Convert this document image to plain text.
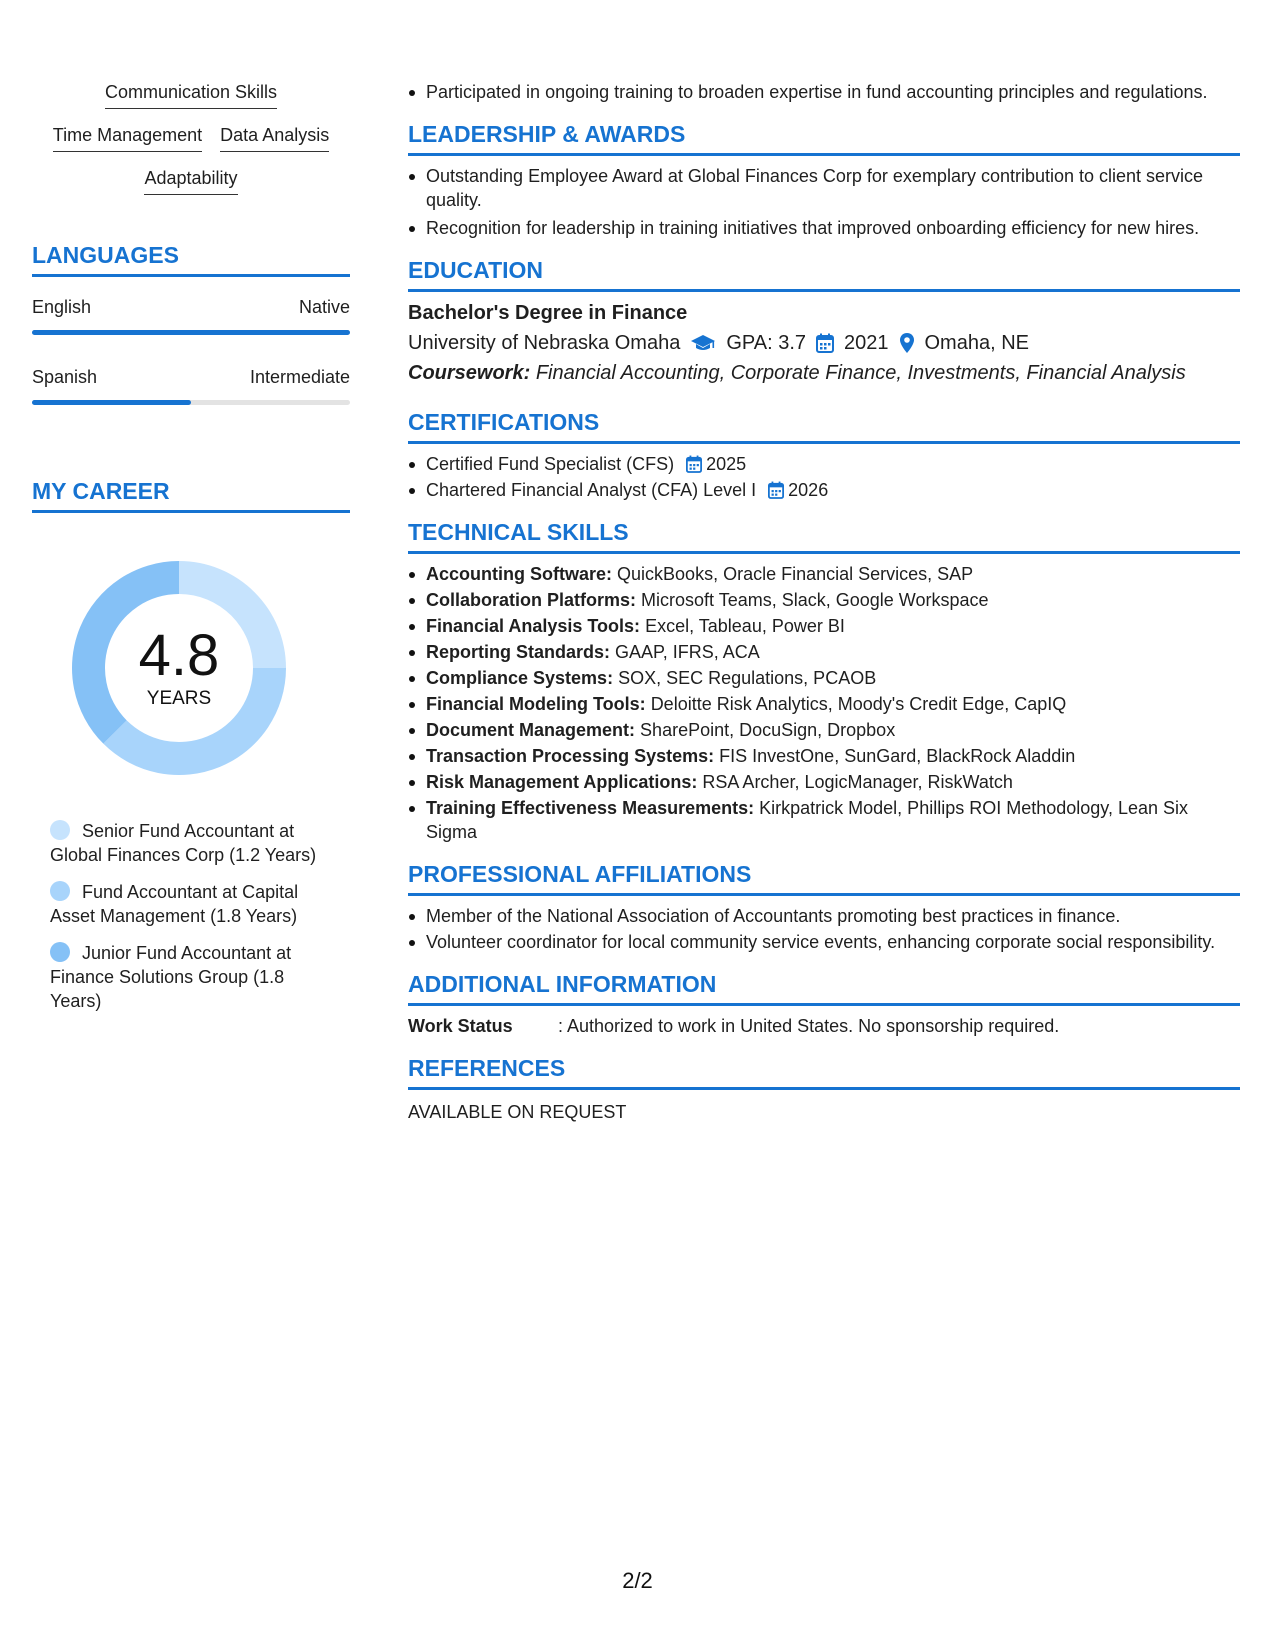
Communication Skills
Time Management Data Analysis
Adaptability
LANGUAGES
English	Native
Spanish	Intermediate
MY CAREER
4.8
YEARS
Senior Fund Accountant at Global Finances Corp (1.2 Years)
Fund Accountant at Capital Asset Management (1.8 Years)
Junior Fund Accountant at Finance Solutions Group (1.8 Years)
Participated in ongoing training to broaden expertise in fund accounting principles and regulations.
LEADERSHIP & AWARDS
Outstanding Employee Award at Global Finances Corp for exemplary contribution to client service quality.
Recognition for leadership in training initiatives that improved onboarding efficiency for new hires.
EDUCATION
Bachelor's Degree in Finance
University of Nebraska Omaha GPA: 3.7 2021 Omaha, NE
Coursework: Financial Accounting, Corporate Finance, Investments, Financial Analysis
CERTIFICATIONS
Certified Fund Specialist (CFS) 2025
Chartered Financial Analyst (CFA) Level I 2026
TECHNICAL SKILLS
Accounting Software: QuickBooks, Oracle Financial Services, SAP
Collaboration Platforms: Microsoft Teams, Slack, Google Workspace
Financial Analysis Tools: Excel, Tableau, Power BI
Reporting Standards: GAAP, IFRS, ACA
Compliance Systems: SOX, SEC Regulations, PCAOB
Financial Modeling Tools: Deloitte Risk Analytics, Moody's Credit Edge, CapIQ
Document Management: SharePoint, DocuSign, Dropbox
Transaction Processing Systems: FIS InvestOne, SunGard, BlackRock Aladdin
Risk Management Applications: RSA Archer, LogicManager, RiskWatch
Training Effectiveness Measurements: Kirkpatrick Model, Phillips ROI Methodology, Lean Six Sigma
PROFESSIONAL AFFILIATIONS
Member of the National Association of Accountants promoting best practices in finance.
Volunteer coordinator for local community service events, enhancing corporate social responsibility.
ADDITIONAL INFORMATION
Work Status	: Authorized to work in United States. No sponsorship required.
REFERENCES
AVAILABLE ON REQUEST
2/2
